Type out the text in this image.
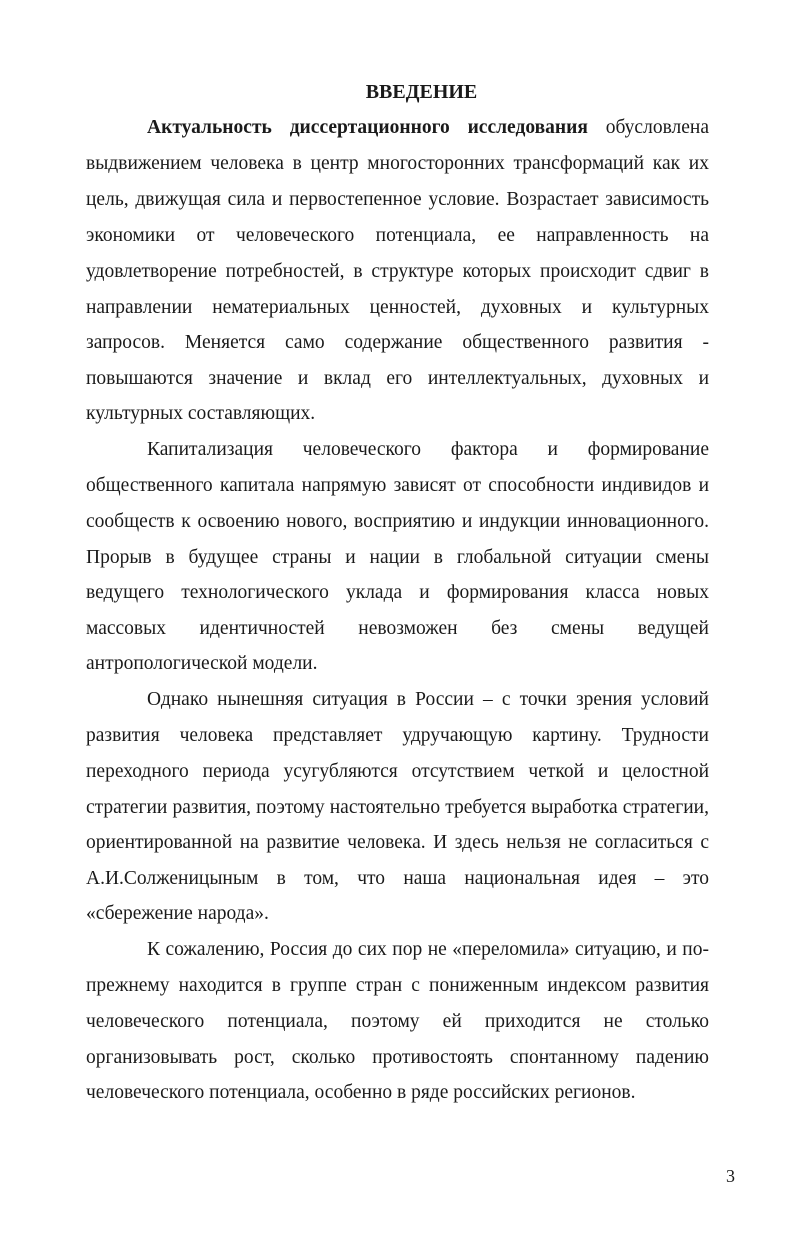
ВВЕДЕНИЕ
Актуальность диссертационного исследования обусловлена
выдвижением человека в центр многосторонних трансформаций как их
цель, движущая сила и первостепенное условие. Возрастает зависимость
экономики от человеческого потенциала, ее направленность на
удовлетворение потребностей, в структуре которых происходит сдвиг в
направлении нематериальных ценностей, духовных и культурных
запросов. Меняется само содержание общественного развития -
повышаются значение и вклад его интеллектуальных, духовных и
культурных составляющих.
Капитализация человеческого фактора и формирование
общественного капитала напрямую зависят от способности индивидов и
сообществ к освоению нового, восприятию и индукции инновационного.
Прорыв в будущее страны и нации в глобальной ситуации смены
ведущего технологического уклада и формирования класса новых
массовых идентичностей невозможен без смены ведущей
антропологической модели.
Однако нынешняя ситуация в России – с точки зрения условий
развития человека представляет удручающую картину. Трудности
переходного периода усугубляются отсутствием четкой и целостной
стратегии развития, поэтому настоятельно требуется выработка стратегии,
ориентированной на развитие человека. И здесь нельзя не согласиться с
А.И.Солженицыным в том, что наша национальная идея – это
«сбережение народа».
К сожалению, Россия до сих пор не «переломила» ситуацию, и по-
прежнему находится в группе стран с пониженным индексом развития
человеческого потенциала, поэтому ей приходится не столько
организовывать рост, сколько противостоять спонтанному падению
человеческого потенциала, особенно в ряде российских регионов.
3
